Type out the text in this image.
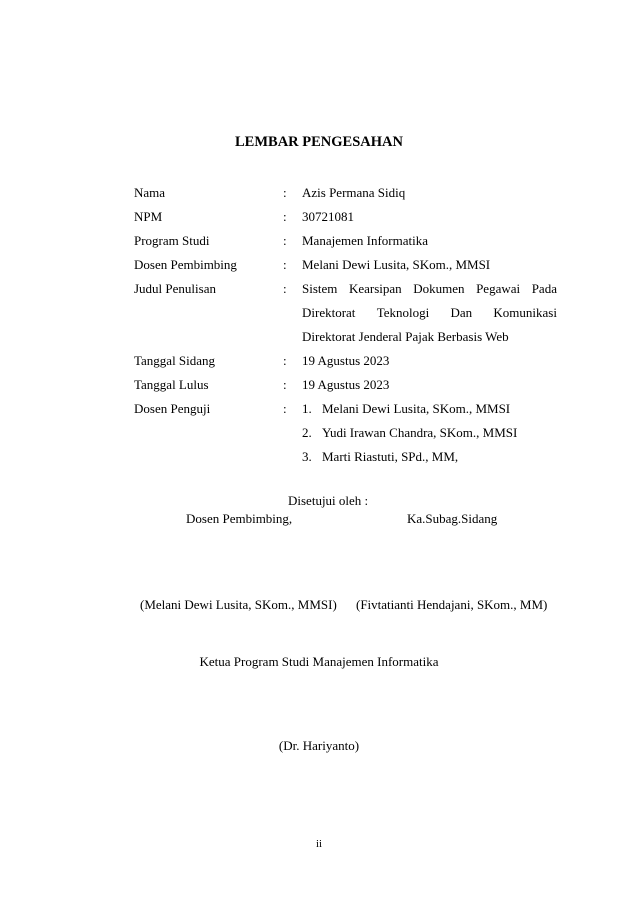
LEMBAR PENGESAHAN
Nama	: Azis Permana Sidiq
NPM	: 30721081
Program Studi	: Manajemen Informatika
Dosen Pembimbing	: Melani Dewi Lusita, SKom., MMSI
Judul Penulisan	: Sistem Kearsipan Dokumen Pegawai Pada
Direktorat Teknologi Dan Komunikasi
Direktorat Jenderal Pajak Berbasis Web
Tanggal Sidang	: 19 Agustus 2023
Tanggal Lulus	: 19 Agustus 2023
Dosen Penguji	: 1. Melani Dewi Lusita, SKom., MMSI
2. Yudi Irawan Chandra, SKom., MMSI
3. Marti Riastuti, SPd., MM,
Disetujui oleh :
Dosen Pembimbing,	Ka.Subag.Sidang
(Melani Dewi Lusita, SKom., MMSI) (Fivtatianti Hendajani, SKom., MM)
Ketua Program Studi Manajemen Informatika
(Dr. Hariyanto)
ii
